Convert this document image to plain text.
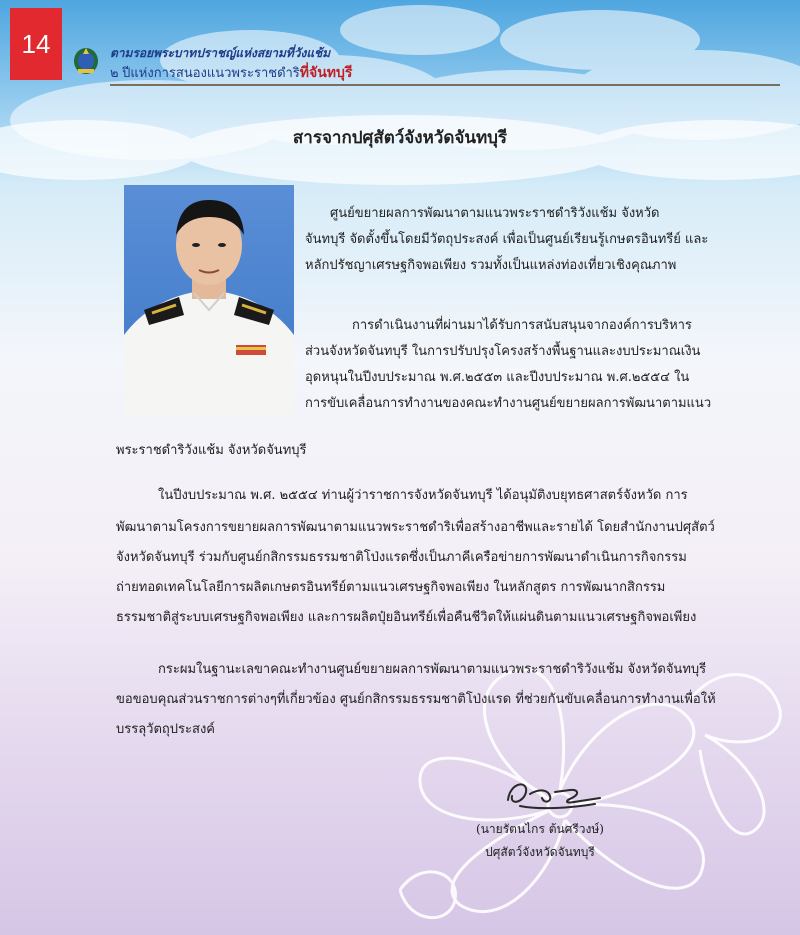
14	ตามรอยพระบาทปราชญ์แห่งสยามที่วังแช้ม
๒ ปีแห่งการสนองแนวพระราชดำริที่จันทบุรี
สารจากปศุสัตว์จังหวัดจันทบุรี

ศูนย์ขยายผลการพัฒนาตามแนวพระราชดำริวังแช้ม จังหวัด

จันทบุรี จัดตั้งขึ้นโดยมีวัตถุประสงค์ เพื่อเป็นศูนย์เรียนรู้เกษตรอินทรีย์ และ

หลักปรัชญาเศรษฐกิจพอเพียง รวมทั้งเป็นแหล่งท่องเที่ยวเชิงคุณภาพ

การดำเนินงานที่ผ่านมาได้รับการสนับสนุนจากองค์การบริหาร

ส่วนจังหวัดจันทบุรี ในการปรับปรุงโครงสร้างพื้นฐานและงบประมาณเงิน

อุดหนุนในปีงบประมาณ พ.ศ.๒๕๕๓ และปีงบประมาณ พ.ศ.๒๕๕๔ ใน

การขับเคลื่อนการทำงานของคณะทำงานศูนย์ขยายผลการพัฒนาตามแนว

พระราชดำริวังแช้ม จังหวัดจันทบุรี

ในปีงบประมาณ พ.ศ. ๒๕๕๔ ท่านผู้ว่าราชการจังหวัดจันทบุรี ได้อนุมัติงบยุทธศาสตร์จังหวัด การ

พัฒนาตามโครงการขยายผลการพัฒนาตามแนวพระราชดำริเพื่อสร้างอาชีพและรายได้ โดยสำนักงานปศุสัตว์

จังหวัดจันทบุรี ร่วมกับศูนย์กสิกรรมธรรมชาติโป่งแรดซึ่งเป็นภาคีเครือข่ายการพัฒนาดำเนินการกิจกรรม

ถ่ายทอดเทคโนโลยีการผลิตเกษตรอินทรีย์ตามแนวเศรษฐกิจพอเพียง ในหลักสูตร การพัฒนากสิกรรม

ธรรมชาติสู่ระบบเศรษฐกิจพอเพียง และการผลิตปุ๋ยอินทรีย์เพื่อคืนชีวิตให้แผ่นดินตามแนวเศรษฐกิจพอเพียง

กระผมในฐานะเลขาคณะทำงานศูนย์ขยายผลการพัฒนาตามแนวพระราชดำริวังแช้ม จังหวัดจันทบุรี

ขอขอบคุณส่วนราชการต่างๆที่เกี่ยวข้อง ศูนย์กสิกรรมธรรมชาติโป่งแรด ที่ช่วยกันขับเคลื่อนการทำงานเพื่อให้

บรรลุวัตถุประสงค์

(นายรัตนไกร ต้นศรีวงษ์)
ปศุสัตว์จังหวัดจันทบุรี
